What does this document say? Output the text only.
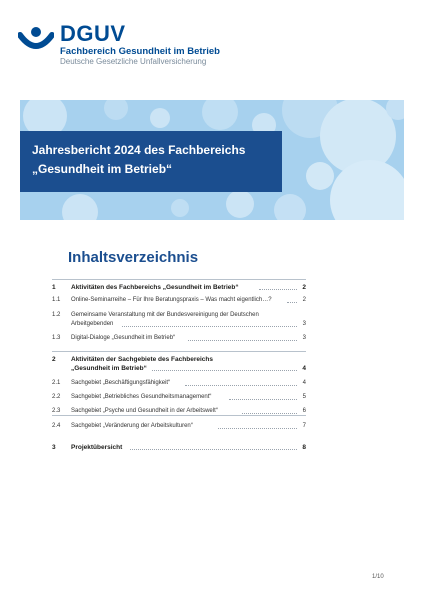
DGUV
Fachbereich Gesundheit im Betrieb
Deutsche Gesetzliche Unfallversicherung
Jahresbericht 2024 des Fachbereichs
„Gesundheit im Betrieb“
Inhaltsverzeichnis
1 Aktivitäten des Fachbereichs „Gesundheit im Betrieb“	2
1.1 Online-Seminarreihe – Für Ihre Beratungspraxis – Was macht eigentlich…?	2
1.2 Gemeinsame Veranstaltung mit der Bundesvereinigung der Deutschen
Arbeitgebenden	3
1.3 Digital-Dialoge „Gesundheit im Betrieb“	3
2 Aktivitäten der Sachgebiete des Fachbereichs
„Gesundheit im Betrieb“	4
2.1 Sachgebiet „Beschäftigungsfähigkeit“	4
2.2 Sachgebiet „Betriebliches Gesundheitsmanagement“	5
2.3 Sachgebiet „Psyche und Gesundheit in der Arbeitswelt“	6
2.4 Sachgebiet „Veränderung der Arbeitskulturen“	7
3 Projektübersicht	8
1/10
